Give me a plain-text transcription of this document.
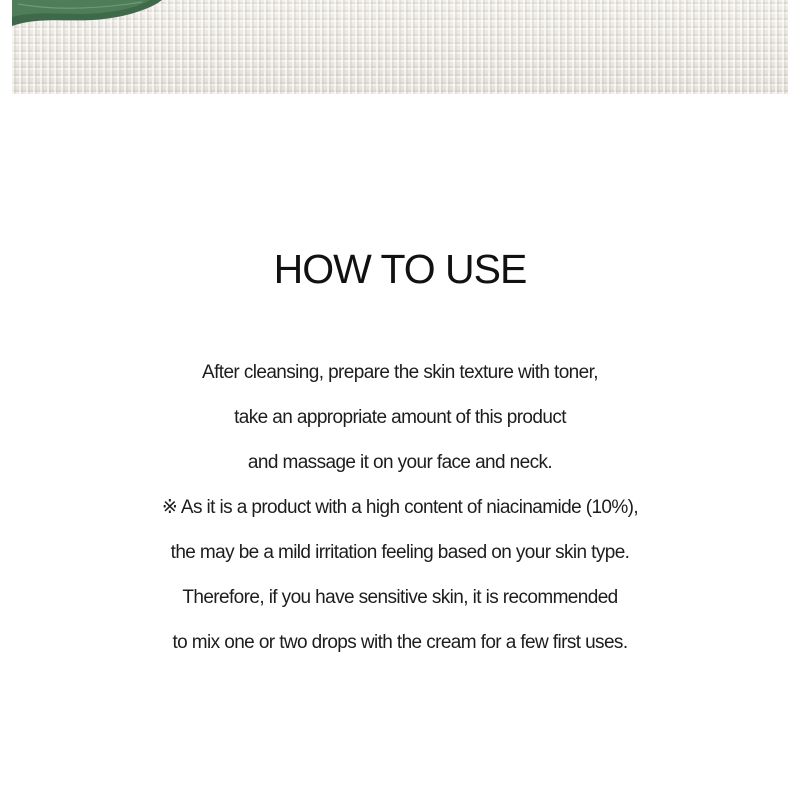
HOW TO USE
After cleansing, prepare the skin texture with toner,
take an appropriate amount of this product
and massage it on your face and neck.
※ As it is a product with a high content of niacinamide (10%),
the may be a mild irritation feeling based on your skin type.
Therefore, if you have sensitive skin, it is recommended
to mix one or two drops with the cream for a few first uses.
